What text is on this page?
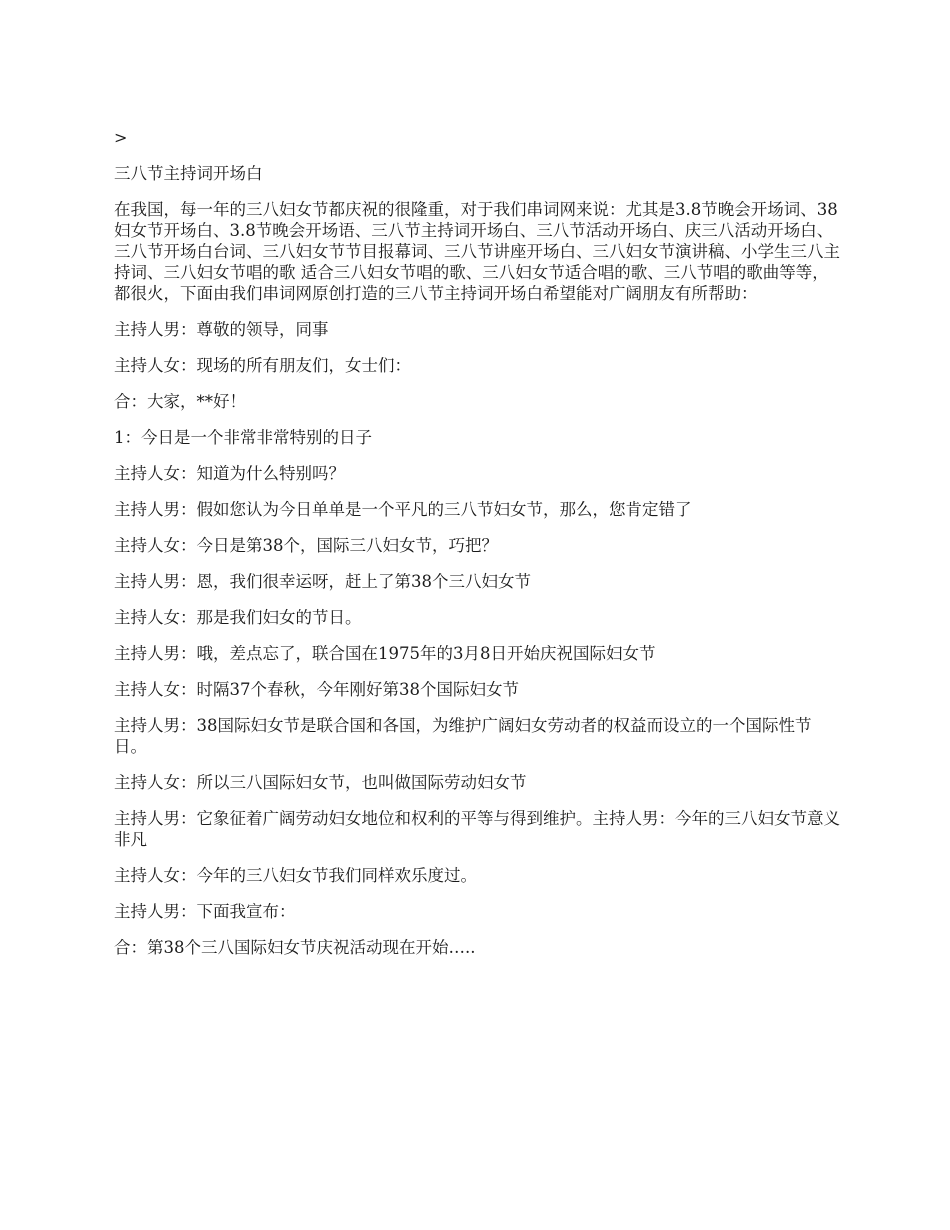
>

三八节主持词开场白

在我国，每一年的三八妇女节都庆祝的很隆重，对于我们串词网来说：尤其是3.8节晚会开场词、38妇女节开场白、3.8节晚会开场语、三八节主持词开场白、三八节活动开场白、庆三八活动开场白、三八节开场白台词、三八妇女节节目报幕词、三八节讲座开场白、三八妇女节演讲稿、小学生三八主持词、三八妇女节唱的歌 适合三八妇女节唱的歌、三八妇女节适合唱的歌、三八节唱的歌曲等等，都很火，下面由我们串词网原创打造的三八节主持词开场白希望能对广阔朋友有所帮助：

主持人男：尊敬的领导，同事

主持人女：现场的所有朋友们，女士们：

合：大家，**好！

1：今日是一个非常非常特别的日子

主持人女：知道为什么特别吗？

主持人男：假如您认为今日单单是一个平凡的三八节妇女节，那么，您肯定错了

主持人女：今日是第38个，国际三八妇女节，巧把？

主持人男：恩，我们很幸运呀，赶上了第38个三八妇女节

主持人女：那是我们妇女的节日。

主持人男：哦，差点忘了，联合国在1975年的3月8日开始庆祝国际妇女节

主持人女：时隔37个春秋，今年刚好第38个国际妇女节

主持人男：38国际妇女节是联合国和各国，为维护广阔妇女劳动者的权益而设立的一个国际性节日。

主持人女：所以三八国际妇女节，也叫做国际劳动妇女节

主持人男：它象征着广阔劳动妇女地位和权利的平等与得到维护。主持人男：今年的三八妇女节意义非凡

主持人女：今年的三八妇女节我们同样欢乐度过。

主持人男：下面我宣布：

合：第38个三八国际妇女节庆祝活动现在开始…..
